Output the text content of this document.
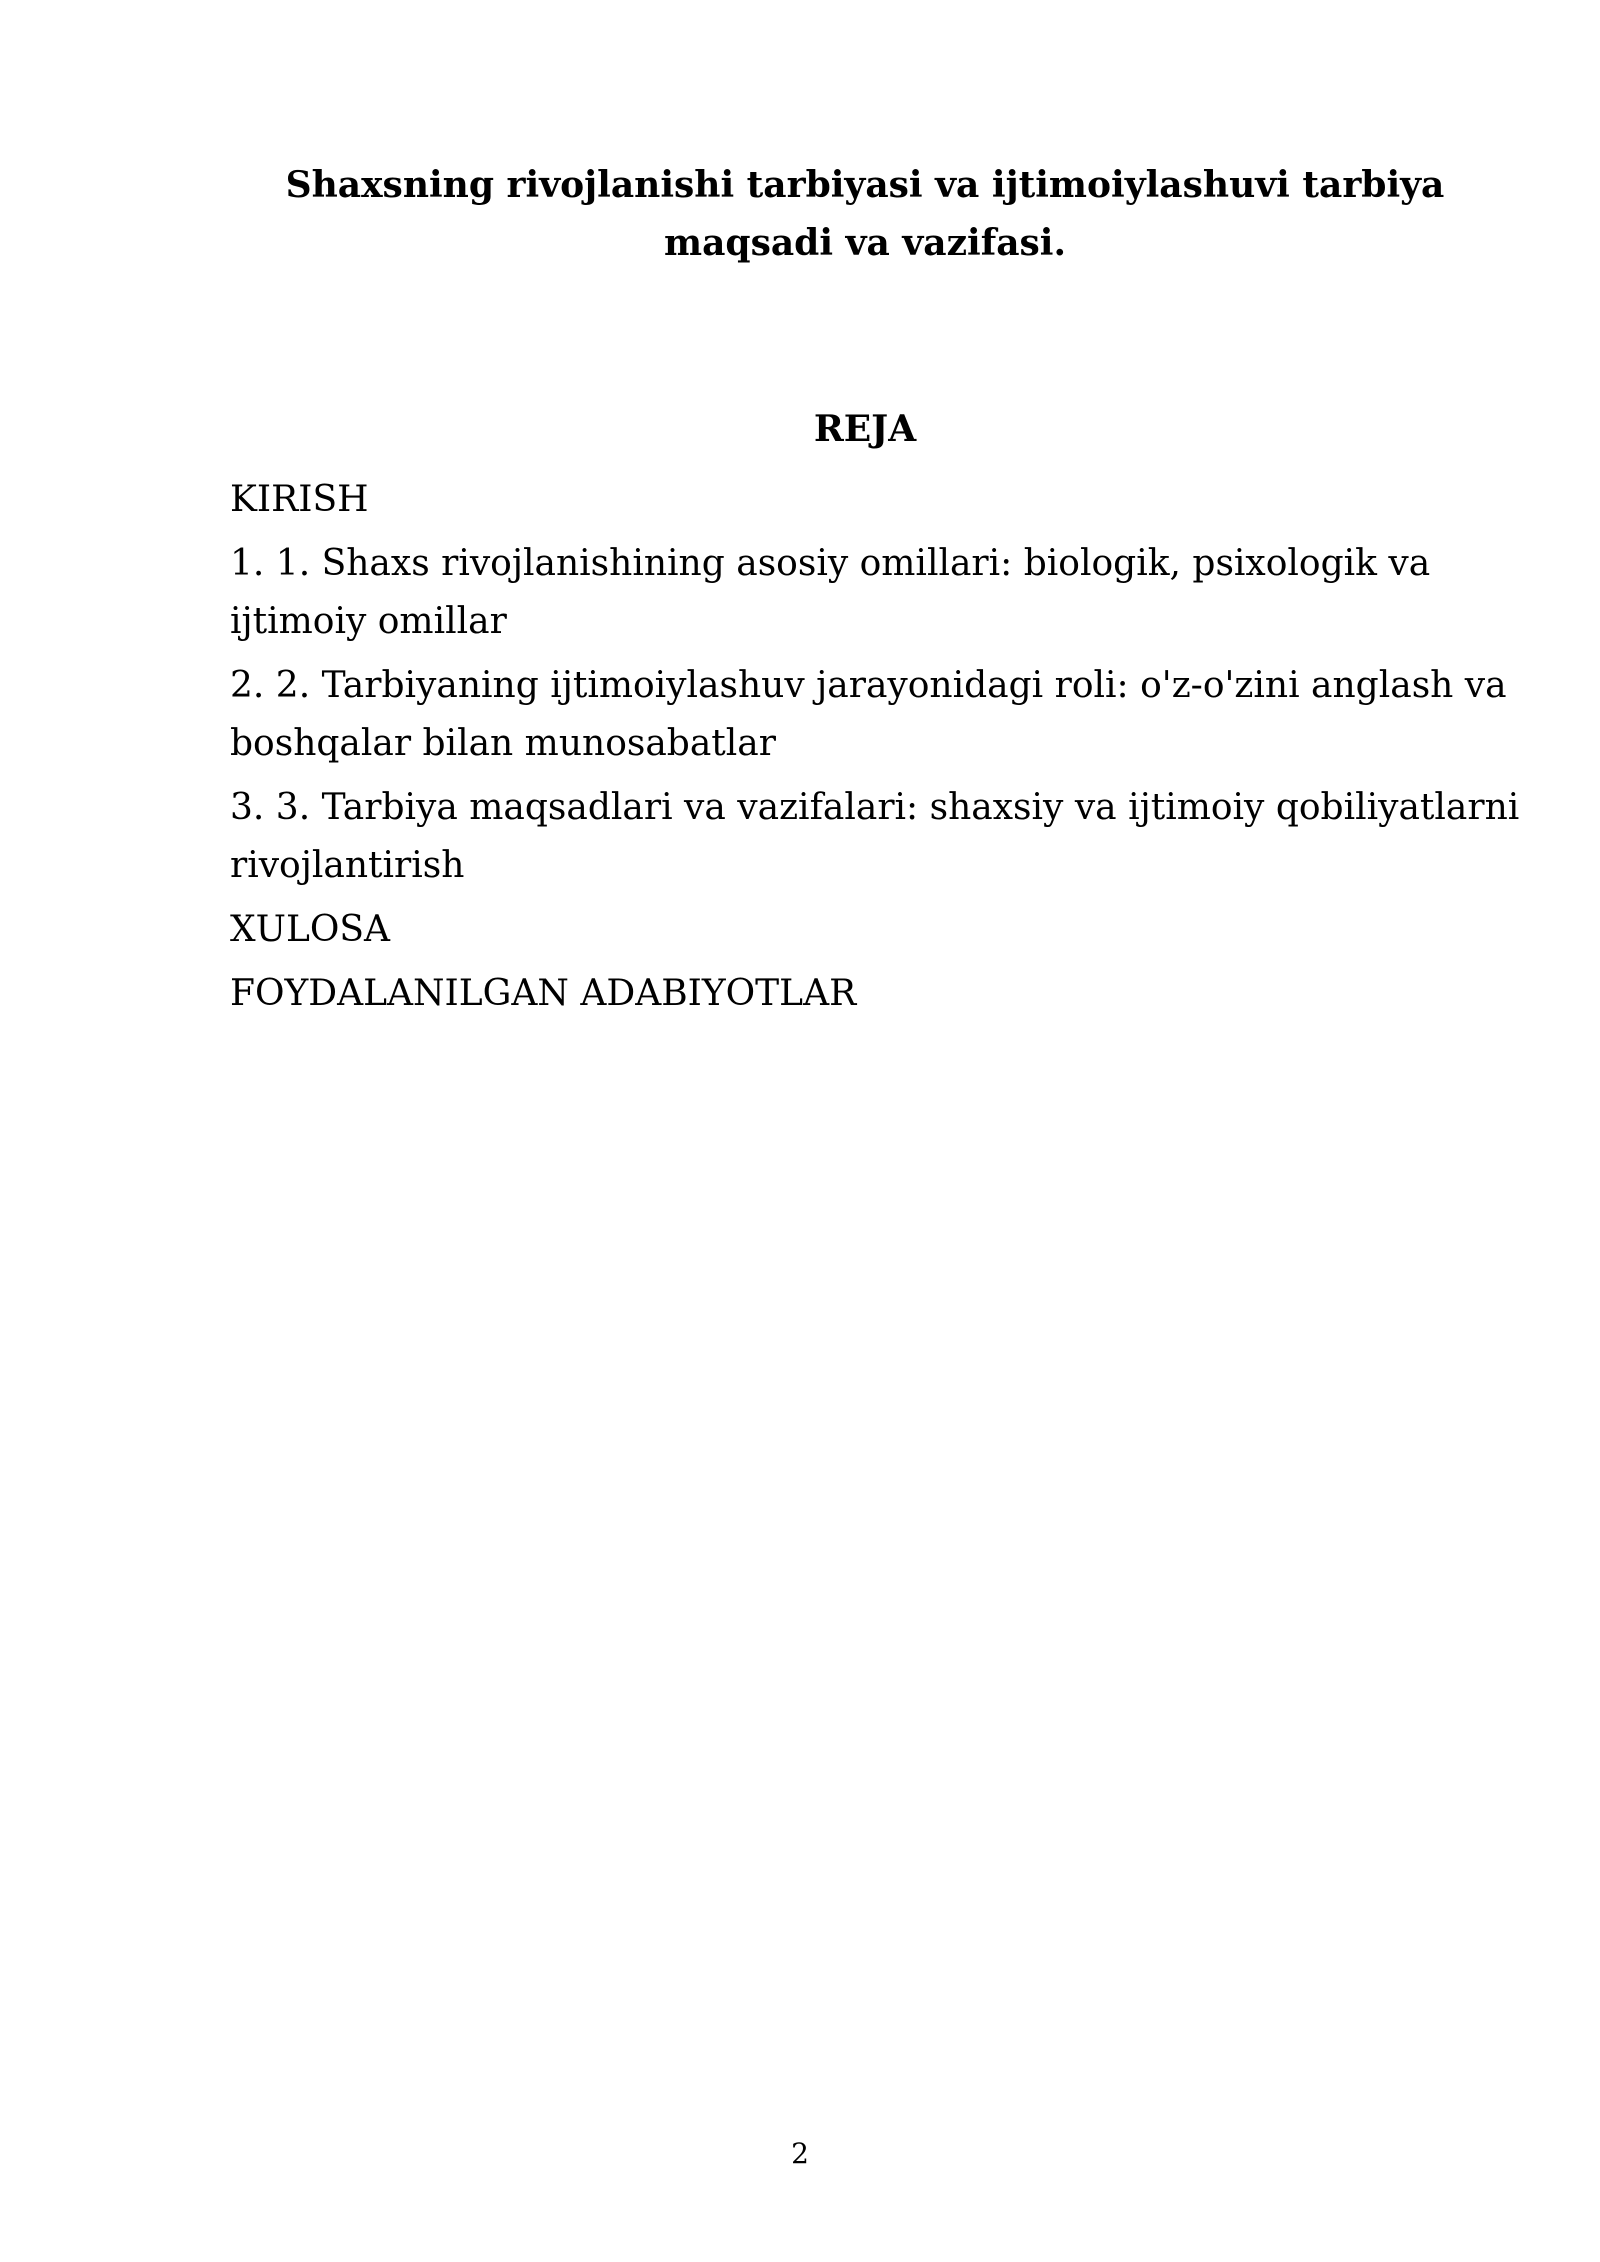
Shaxsning rivojlanishi tarbiyasi va ijtimoiylashuvi tarbiya
maqsadi va vazifasi.
REJA
KIRISH
1. 1. Shaxs rivojlanishining asosiy omillari: biologik, psixologik va ijtimoiy omillar
2. 2. Tarbiyaning ijtimoiylashuv jarayonidagi roli: o'z-o'zini anglash va boshqalar bilan munosabatlar
3. 3. Tarbiya maqsadlari va vazifalari: shaxsiy va ijtimoiy qobiliyatlarni rivojlantirish
XULOSA
FOYDALANILGAN ADABIYOTLAR
2
